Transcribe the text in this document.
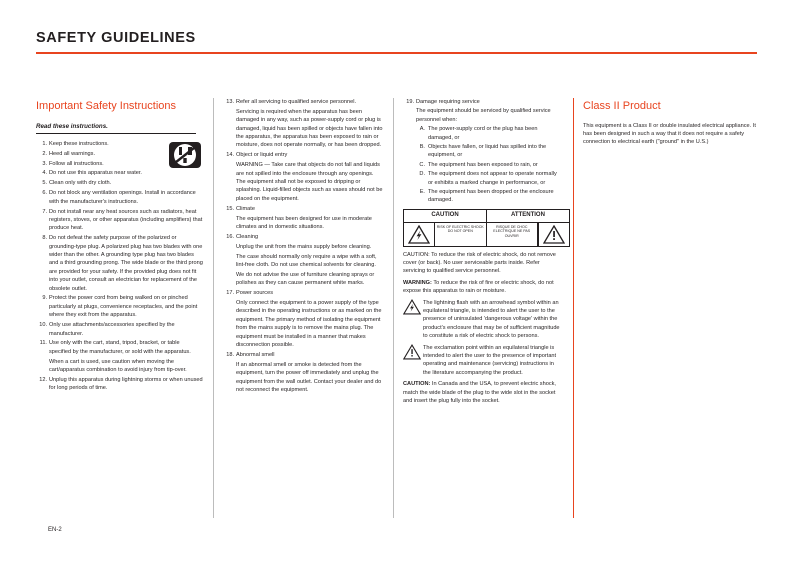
SAFETY GUIDELINES
Important Safety Instructions
Read these instructions.
1. Keep these instructions.
2. Heed all warnings.
3. Follow all instructions.
4. Do not use this apparatus near water.
5. Clean only with dry cloth.
6. Do not block any ventilation openings. Install in accordance with the manufacturer's instructions.
7. Do not install near any heat sources such as radiators, heat registers, stoves, or other apparatus (including amplifiers) that produce heat.
8. Do not defeat the safety purpose of the polarized or grounding-type plug. A polarized plug has two blades with one wider than the other. A grounding type plug has two blades and a third grounding prong. The wide blade or the third prong are provided for your safety. If the provided plug does not fit into your outlet, consult an electrician for replacement of the obsolete outlet.
9. Protect the power cord from being walked on or pinched particularly at plugs, convenience receptacles, and the point where they exit from the apparatus.
10. Only use attachments/accessories specified by the manufacturer.
11. Use only with the cart, stand, tripod, bracket, or table specified by the manufacturer, or sold with the apparatus.
When a cart is used, use caution when moving the cart/apparatus combination to avoid injury from tip-over.
12. Unplug this apparatus during lightning storms or when unused for long periods of time.
13. Refer all servicing to qualified service personnel.
Servicing is required when the apparatus has been damaged in any way, such as power-supply cord or plug is damaged, liquid has been spilled or objects have fallen into the apparatus, the apparatus has been exposed to rain or moisture, does not operate normally, or has been dropped.
14. Object or liquid entry
WARNING — Take care that objects do not fall and liquids are not spilled into the enclosure through any openings. The equipment shall not be exposed to dripping or splashing. Liquid-filled objects such as vases should not be placed on the equipment.
15. Climate
The equipment has been designed for use in moderate climates and in domestic situations.
16. Cleaning
Unplug the unit from the mains supply before cleaning.
The case should normally only require a wipe with a soft, lint-free cloth. Do not use chemical solvents for cleaning.
We do not advise the use of furniture cleaning sprays or polishes as they can cause permanent white marks.
17. Power sources
Only connect the equipment to a power supply of the type described in the operating instructions or as marked on the equipment. The primary method of isolating the equipment from the mains supply is to remove the mains plug. The equipment must be installed in a manner that makes disconnection possible.
18. Abnormal smell
If an abnormal smell or smoke is detected from the equipment, turn the power off immediately and unplug the equipment from the wall outlet. Contact your dealer and do not reconnect the equipment.
19. Damage requiring service
The equipment should be serviced by qualified service personnel when:
A. The power-supply cord or the plug has been damaged, or
B. Objects have fallen, or liquid has spilled into the equipment, or
C. The equipment has been exposed to rain, or
D. The equipment does not appear to operate normally or exhibits a marked change in performance, or
E. The equipment has been dropped or the enclosure damaged.
CAUTION	ATTENTION
RISK OF ELECTRIC SHOCK DO NOT OPEN
RISQUE DE CHOC ELECTRIQUE NE PAS OUVRIR
CAUTION: To reduce the risk of electric shock, do not remove cover (or back). No user serviceable parts inside. Refer servicing to qualified service personnel.
WARNING: To reduce the risk of fire or electric shock, do not expose this apparatus to rain or moisture.
The lightning flash with an arrowhead symbol within an equilateral triangle, is intended to alert the user to the presence of uninsulated 'dangerous voltage' within the product's enclosure that may be of sufficient magnitude to constitute a risk of electric shock to persons.
The exclamation point within an equilateral triangle is intended to alert the user to the presence of important operating and maintenance (servicing) instructions in the literature accompanying the product.
CAUTION: In Canada and the USA, to prevent electric shock, match the wide blade of the plug to the wide slot in the socket and insert the plug fully into the socket.
Class II Product
This equipment is a Class II or double insulated electrical appliance. It has been designed in such a way that it does not require a safety connection to electrical earth ("ground" in the U.S.)
EN-2
